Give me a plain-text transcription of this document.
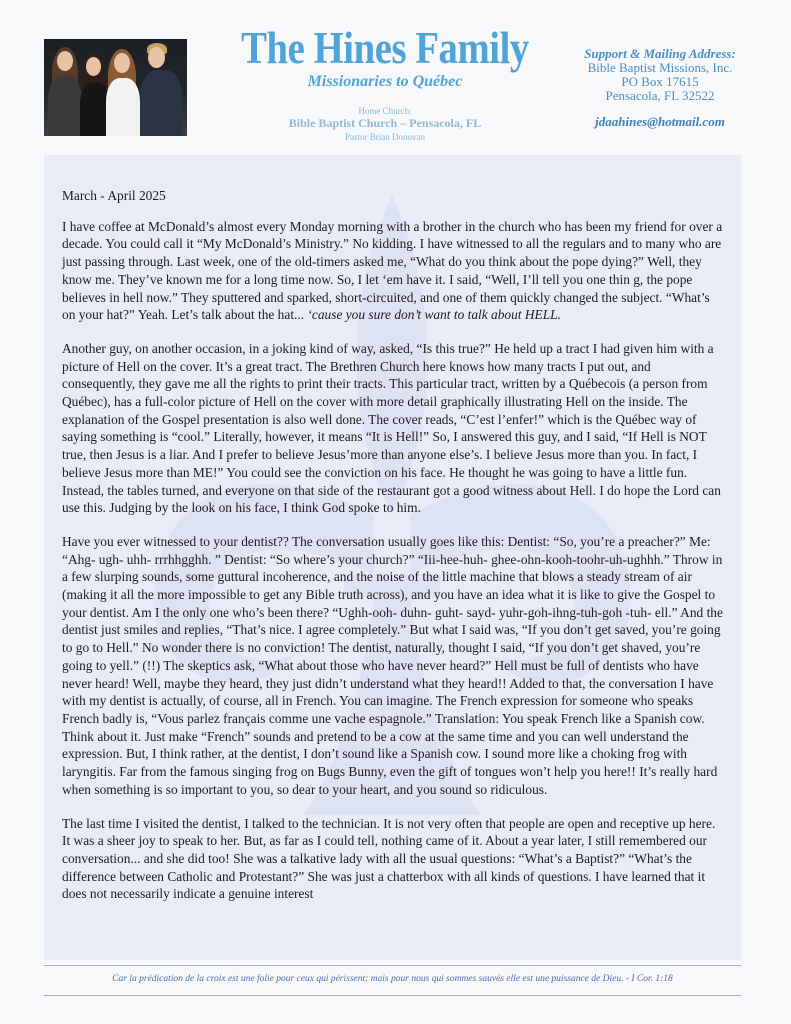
The Hines Family
Missionaries to Québec
Home Church:
Bible Baptist Church – Pensacola, FL
Pastor Brian Donovan
Support & Mailing Address:
Bible Baptist Missions, Inc.
PO Box 17615
Pensacola, FL 32522
jdaahines@hotmail.com

March - April 2025

I have coffee at McDonald’s almost every Monday morning with a brother in the church who has been my friend for over a decade. You could call it “My McDonald’s Ministry.” No kidding. I have witnessed to all the regulars and to many who are just passing through. Last week, one of the old-timers asked me, “What do you think about the pope dying?” Well, they know me. They’ve known me for a long time now. So, I let ‘em have it. I said, “Well, I’ll tell you one thin g, the pope believes in hell now.” They sputtered and sparked, short-circuited, and one of them quickly changed the subject. “What’s on your hat?” Yeah. Let’s talk about the hat... ‘cause you sure don’t want to talk about HELL.

Another guy, on another occasion, in a joking kind of way, asked, “Is this true?” He held up a tract I had given him with a picture of Hell on the cover. It’s a great tract. The Brethren Church here knows how many tracts I put out, and consequently, they gave me all the rights to print their tracts. This particular tract, written by a Québecois (a person from Québec), has a full-color picture of Hell on the cover with more detail graphically illustrating Hell on the inside. The explanation of the Gospel presentation is also well done. The cover reads, “C’est l’enfer!” which is the Québec way of saying something is “cool.” Literally, however, it means “It is Hell!” So, I answered this guy, and I said, “If Hell is NOT true, then Jesus is a liar. And I prefer to believe Jesus’more than anyone else’s. I believe Jesus more than you. In fact, I believe Jesus more than ME!” You could see the conviction on his face. He thought he was going to have a little fun. Instead, the tables turned, and everyone on that side of the restaurant got a good witness about Hell. I do hope the Lord can use this. Judging by the look on his face, I think God spoke to him.

Have you ever witnessed to your dentist?? The conversation usually goes like this: Dentist: “So, you’re a preacher?” Me: “Ahg- ugh- uhh- rrrhhgghh. ” Dentist: “So where’s your church?” “Iii-hee-huh- ghee-ohn-kooh-toohr-uh-ughhh.” Throw in a few slurping sounds, some guttural incoherence, and the noise of the little machine that blows a steady stream of air (making it all the more impossible to get any Bible truth across), and you have an idea what it is like to give the Gospel to your dentist. Am I the only one who’s been there? “Ughh-ooh- duhn- guht- sayd- yuhr-goh-ihng-tuh-goh -tuh- ell.” And the dentist just smiles and replies, “That’s nice. I agree completely.” But what I said was, “If you don’t get saved, you’re going to go to Hell.” No wonder there is no conviction! The dentist, naturally, thought I said, “If you don’t get shaved, you’re going to yell.” (!!) The skeptics ask, “What about those who have never heard?” Hell must be full of dentists who have never heard! Well, maybe they heard, they just didn’t understand what they heard!! Added to that, the conversation I have with my dentist is actually, of course, all in French. You can imagine. The French expression for someone who speaks French badly is, “Vous parlez français comme une vache espagnole.” Translation: You speak French like a Spanish cow. Think about it. Just make “French” sounds and pretend to be a cow at the same time and you can well understand the expression. But, I think rather, at the dentist, I don’t sound like a Spanish cow. I sound more like a choking frog with laryngitis. Far from the famous singing frog on Bugs Bunny, even the gift of tongues won’t help you here!! It’s really hard when something is so important to you, so dear to your heart, and you sound so ridiculous.

The last time I visited the dentist, I talked to the technician. It is not very often that people are open and receptive up here. It was a sheer joy to speak to her. But, as far as I could tell, nothing came of it. About a year later, I still remembered our conversation... and she did too! She was a talkative lady with all the usual questions: “What’s a Baptist?” “What’s the difference between Catholic and Protestant?” She was just a chatterbox with all kinds of questions. I have learned that it does not necessarily indicate a genuine interest

Car la prédication de la croix est une folie pour ceux qui périssent; mais pour nous qui sommes sauvés elle est une puissance de Dieu. - I Cor. 1:18
